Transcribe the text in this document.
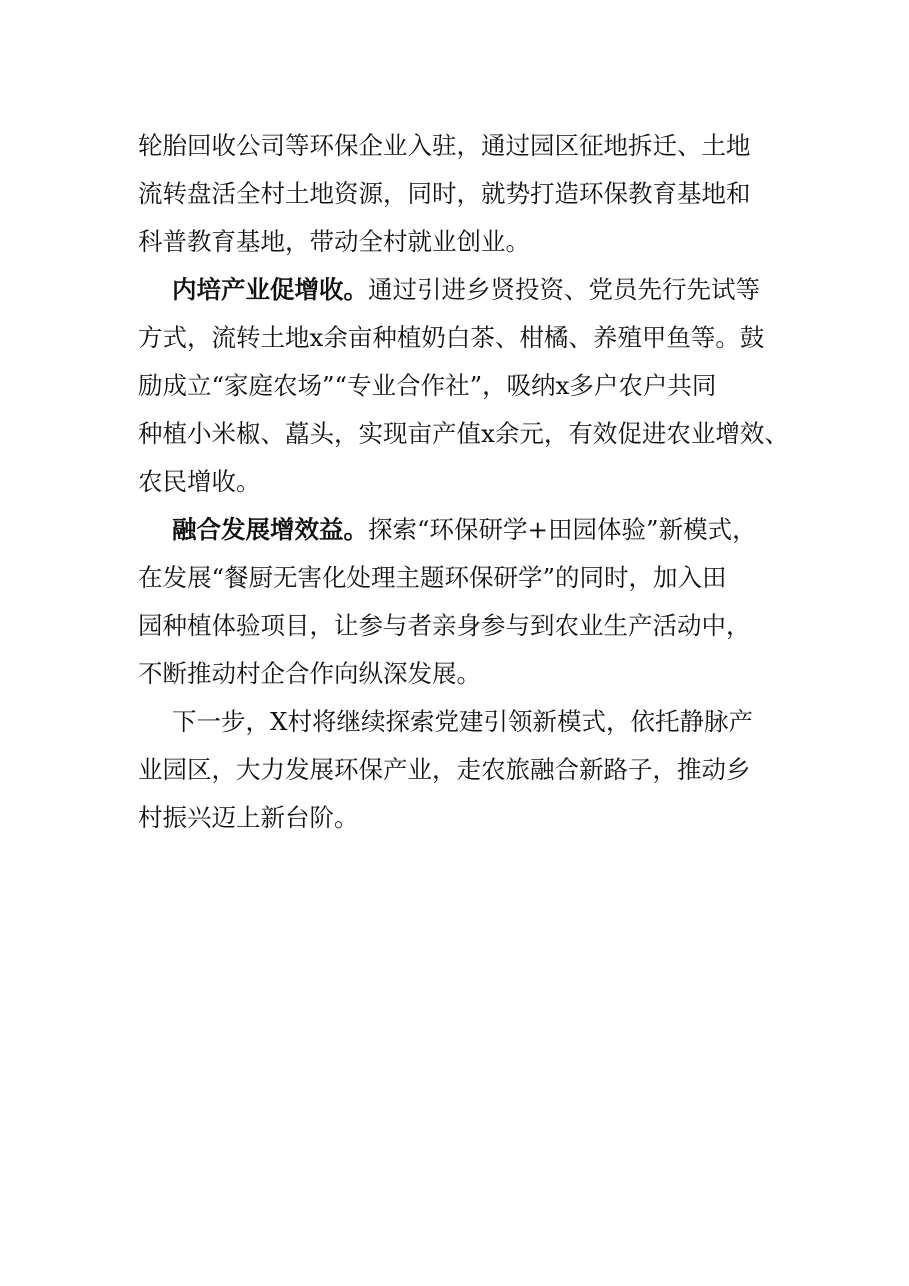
轮胎回收公司等环保企业入驻，通过园区征地拆迁、土地
流转盘活全村土地资源，同时，就势打造环保教育基地和
科普教育基地，带动全村就业创业。
内培产业促增收。通过引进乡贤投资、党员先行先试等
方式，流转土地x余亩种植奶白茶、柑橘、养殖甲鱼等。鼓
励成立“家庭农场”“专业合作社”，吸纳x多户农户共同
种植小米椒、藠头，实现亩产值x余元，有效促进农业增效、
农民增收。
融合发展增效益。探索“环保研学+田园体验”新模式，
在发展“餐厨无害化处理主题环保研学”的同时，加入田
园种植体验项目，让参与者亲身参与到农业生产活动中，
不断推动村企合作向纵深发展。
下一步，X村将继续探索党建引领新模式，依托静脉产
业园区，大力发展环保产业，走农旅融合新路子，推动乡
村振兴迈上新台阶。
